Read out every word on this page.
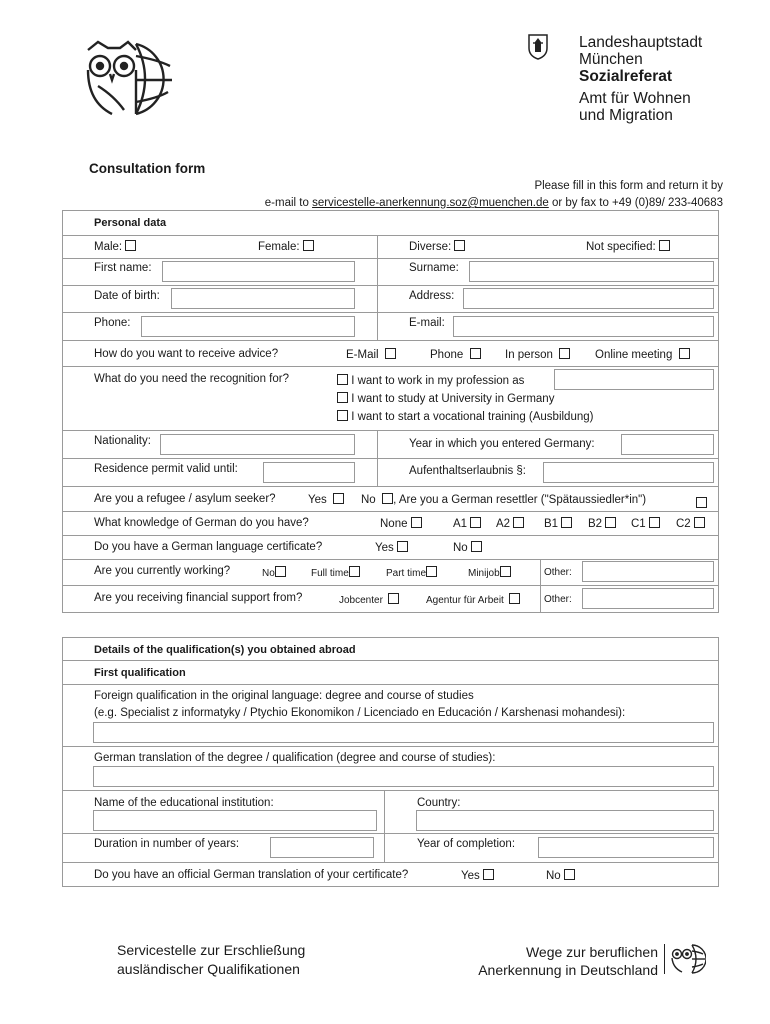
Landeshauptstadt
München
Sozialreferat
Amt für Wohnen
und Migration
Consultation form
Please fill in this form and return it by
e-mail to servicestelle-anerkennung.soz@muenchen.de or by fax to +49 (0)89/ 233-40683
Personal data
Male:	Female:	Diverse:	Not specified:
First name:	Surname:
Date of birth:	Address:
Phone:	E-mail:
How do you want to receive advice?	E-Mail	Phone	In person	Online meeting
What do you need the recognition for?	I want to work in my profession as
I want to study at University in Germany
I want to start a vocational training (Ausbildung)
Nationality:	Year in which you entered Germany:
Residence permit valid until:	Aufenthaltserlaubnis §:
Are you a refugee / asylum seeker?	Yes	No , Are you a German resettler ("Spätaussiedler*in")
What knowledge of German do you have?	None	A1	A2	B1	B2	C1	C2
Do you have a German language certificate?	Yes	No
Are you currently working?	No	Full time	Part time	Minijob	Other:
Are you receiving financial support from?	Jobcenter	Agentur für Arbeit	Other:
Details of the qualification(s) you obtained abroad
First qualification
Foreign qualification in the original language: degree and course of studies
(e.g. Specialist z informatyky / Ptychio Ekonomikon / Licenciado en Educación / Karshenasi mohandesi):
German translation of the degree / qualification (degree and course of studies):
Name of the educational institution:	Country:
Duration in number of years:	Year of completion:
Do you have an official German translation of your certificate?	Yes	No
Servicestelle zur Erschließung
ausländischer Qualifikationen
Wege zur beruflichen
Anerkennung in Deutschland
